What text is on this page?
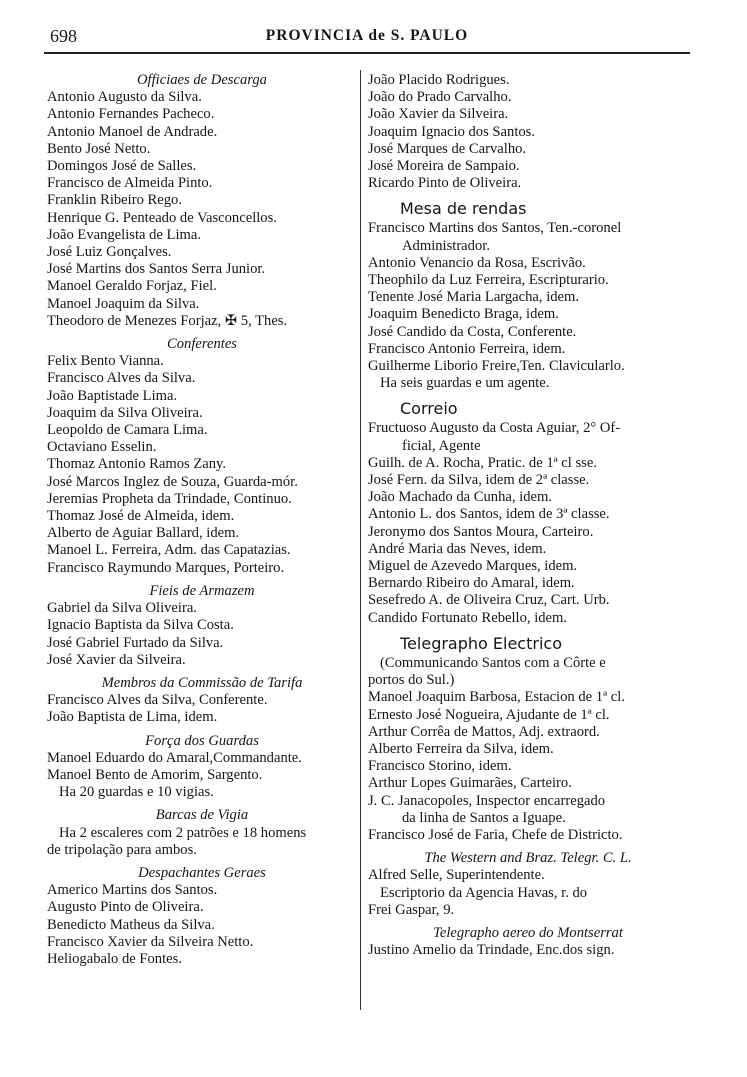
698	PROVINCIA de S. PAULO
Officiaes de Descarga
Antonio Augusto da Silva.
Antonio Fernandes Pacheco.
Antonio Manoel de Andrade.
Bento José Netto.
Domingos José de Salles.
Francisco de Almeida Pinto.
Franklin Ribeiro Rego.
Henrique G. Penteado de Vasconcellos.
João Evangelista de Lima.
José Luiz Gonçalves.
José Martins dos Santos Serra Junior.
Manoel Geraldo Forjaz, Fiel.
Manoel Joaquim da Silva.
Theodoro de Menezes Forjaz, ✠ 5, Thes.
Conferentes
Felix Bento Vianna.
Francisco Alves da Silva.
João Baptistade Lima.
Joaquim da Silva Oliveira.
Leopoldo de Camara Lima.
Octaviano Esselin.
Thomaz Antonio Ramos Zany.
José Marcos Inglez de Souza, Guarda-mór.
Jeremias Propheta da Trindade, Continuo.
Thomaz José de Almeida, idem.
Alberto de Aguiar Ballard, idem.
Manoel L. Ferreira, Adm. das Capatazias.
Francisco Raymundo Marques, Porteiro.
Fieis de Armazem
Gabriel da Silva Oliveira.
Ignacio Baptista da Silva Costa.
José Gabriel Furtado da Silva.
José Xavier da Silveira.
Membros da Commissão de Tarifa
Francisco Alves da Silva, Conferente.
João Baptista de Lima, idem.
Força dos Guardas
Manoel Eduardo do Amaral,Commandante.
Manoel Bento de Amorim, Sargento.
Ha 20 guardas e 10 vigias.
Barcas de Vigia
Ha 2 escaleres com 2 patrões e 18 homens
de tripolação para ambos.
Despachantes Geraes
Americo Martins dos Santos.
Augusto Pinto de Oliveira.
Benedicto Matheus da Silva.
Francisco Xavier da Silveira Netto.
Heliogabalo de Fontes.
João Placido Rodrigues.
João do Prado Carvalho.
João Xavier da Silveira.
Joaquim Ignacio dos Santos.
José Marques de Carvalho.
José Moreira de Sampaio.
Ricardo Pinto de Oliveira.
Mesa de rendas
Francisco Martins dos Santos, Ten.-coronel
Administrador.
Antonio Venancio da Rosa, Escrivão.
Theophilo da Luz Ferreira, Escripturario.
Tenente José Maria Largacha, idem.
Joaquim Benedicto Braga, idem.
José Candido da Costa, Conferente.
Francisco Antonio Ferreira, idem.
Guilherme Liborio Freire,Ten. Clavicularlo.
Ha seis guardas e um agente.
Correio
Fructuoso Augusto da Costa Aguiar, 2° Of-
ficial, Agente
Guilh. de A. Rocha, Pratic. de 1ª cl sse.
José Fern. da Silva, idem de 2ª classe.
João Machado da Cunha, idem.
Antonio L. dos Santos, idem de 3ª classe.
Jeronymo dos Santos Moura, Carteiro.
André Maria das Neves, idem.
Miguel de Azevedo Marques, idem.
Bernardo Ribeiro do Amaral, idem.
Sesefredo A. de Oliveira Cruz, Cart. Urb.
Candido Fortunato Rebello, idem.
Telegrapho Electrico
(Communicando Santos com a Côrte e
portos do Sul.)
Manoel Joaquim Barbosa, Estacion de 1ª cl.
Ernesto José Nogueira, Ajudante de 1ª cl.
Arthur Corrêa de Mattos, Adj. extraord.
Alberto Ferreira da Silva, idem.
Francisco Storino, idem.
Arthur Lopes Guimarães, Carteiro.
J. C. Janacopoles, Inspector encarregado
da linha de Santos a Iguape.
Francisco José de Faria, Chefe de Districto.
The Western and Braz. Telegr. C. L.
Alfred Selle, Superintendente.
Escriptorio da Agencia Havas, r. do
Frei Gaspar, 9.
Telegrapho aereo do Montserrat
Justino Amelio da Trindade, Enc.dos sign.
